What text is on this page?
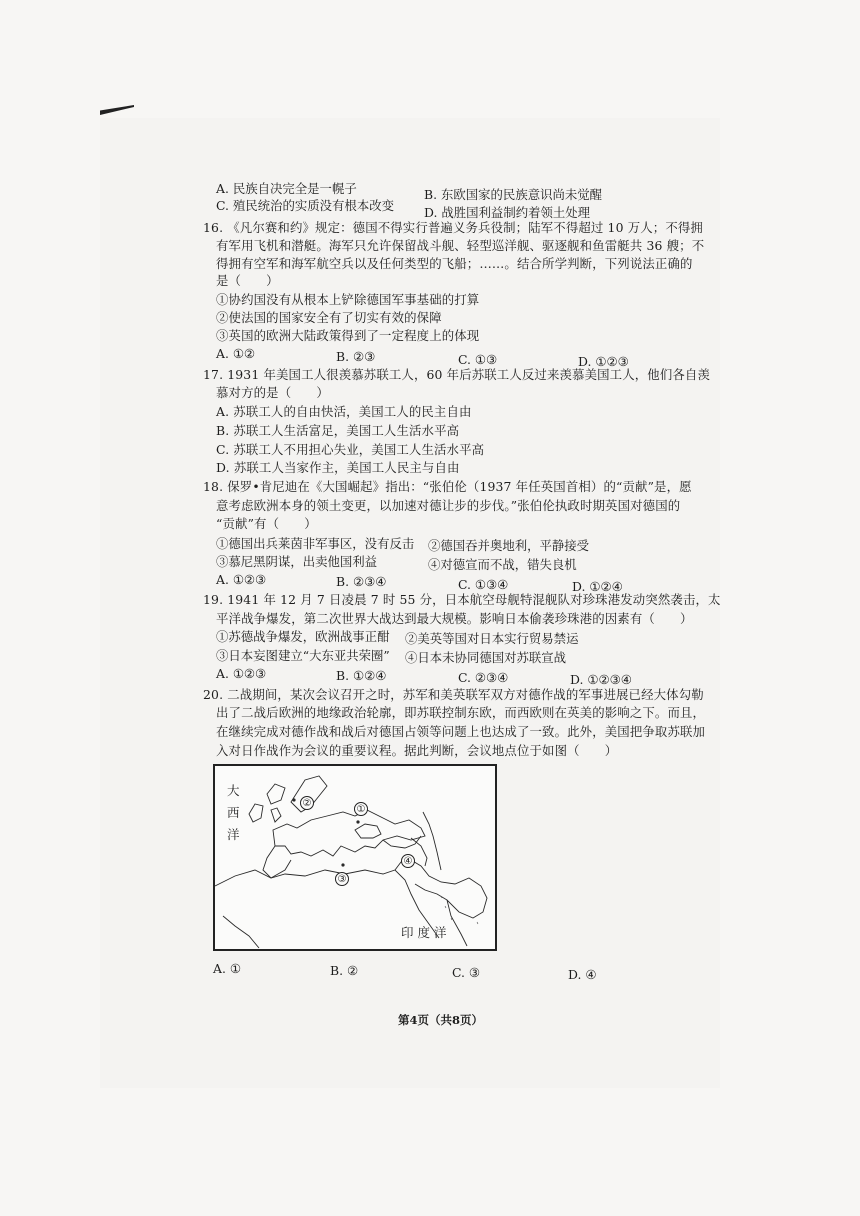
A. 民族自决完全是一幌子	B. 东欧国家的民族意识尚未觉醒
C. 殖民统治的实质没有根本改变 D. 战胜国利益制约着领土处理
16. 《凡尔赛和约》规定：德国不得实行普遍义务兵役制；陆军不得超过 10 万人；不得拥
有军用飞机和潜艇。海军只允许保留战斗舰、轻型巡洋舰、驱逐舰和鱼雷艇共 36 艘；不
得拥有空军和海军航空兵以及任何类型的飞船；……。结合所学判断，下列说法正确的
是（　　）
①协约国没有从根本上铲除德国军事基础的打算
②使法国的国家安全有了切实有效的保障
③英国的欧洲大陆政策得到了一定程度上的体现
A. ①②	B. ②③	C. ①③	D. ①②③
17. 1931 年美国工人很羡慕苏联工人，60 年后苏联工人反过来羡慕美国工人，他们各自羡
慕对方的是（　　）
A. 苏联工人的自由快活，美国工人的民主自由
B. 苏联工人生活富足，美国工人生活水平高
C. 苏联工人不用担心失业，美国工人生活水平高
D. 苏联工人当家作主，美国工人民主与自由
18. 保罗•肯尼迪在《大国崛起》指出：“张伯伦（1937 年任英国首相）的“贡献”是，愿
意考虑欧洲本身的领土变更，以加速对德让步的步伐。”张伯伦执政时期英国对德国的
“贡献”有（　　）
①德国出兵莱茵非军事区，没有反击 ②德国吞并奥地利，平静接受
③慕尼黑阴谋，出卖他国利益	④对德宣而不战，错失良机
A. ①②③	B. ②③④	C. ①③④	D. ①②④
19. 1941 年 12 月 7 日凌晨 7 时 55 分，日本航空母舰特混舰队对珍珠港发动突然袭击，太
平洋战争爆发，第二次世界大战达到最大规模。影响日本偷袭珍珠港的因素有（　　）
①苏德战争爆发，欧洲战事正酣 ②美英等国对日本实行贸易禁运
③日本妄图建立“大东亚共荣圈” ④日本未协同德国对苏联宣战
A. ①②③	B. ①②④	C. ②③④	D. ①②③④
20. 二战期间，某次会议召开之时，苏军和美英联军双方对德作战的军事进展已经大体勾勒
出了二战后欧洲的地缘政治轮廓，即苏联控制东欧，而西欧则在英美的影响之下。而且，
在继续完成对德作战和战后对德国占领等问题上也达成了一致。此外，美国把争取苏联加
入对日作战作为会议的重要议程。据此判断，会议地点位于如图（　　）
大
西
洋
印 度 洋
①
②
③
④
A. ①	B. ②	C. ③	D. ④
第4页（共8页）
